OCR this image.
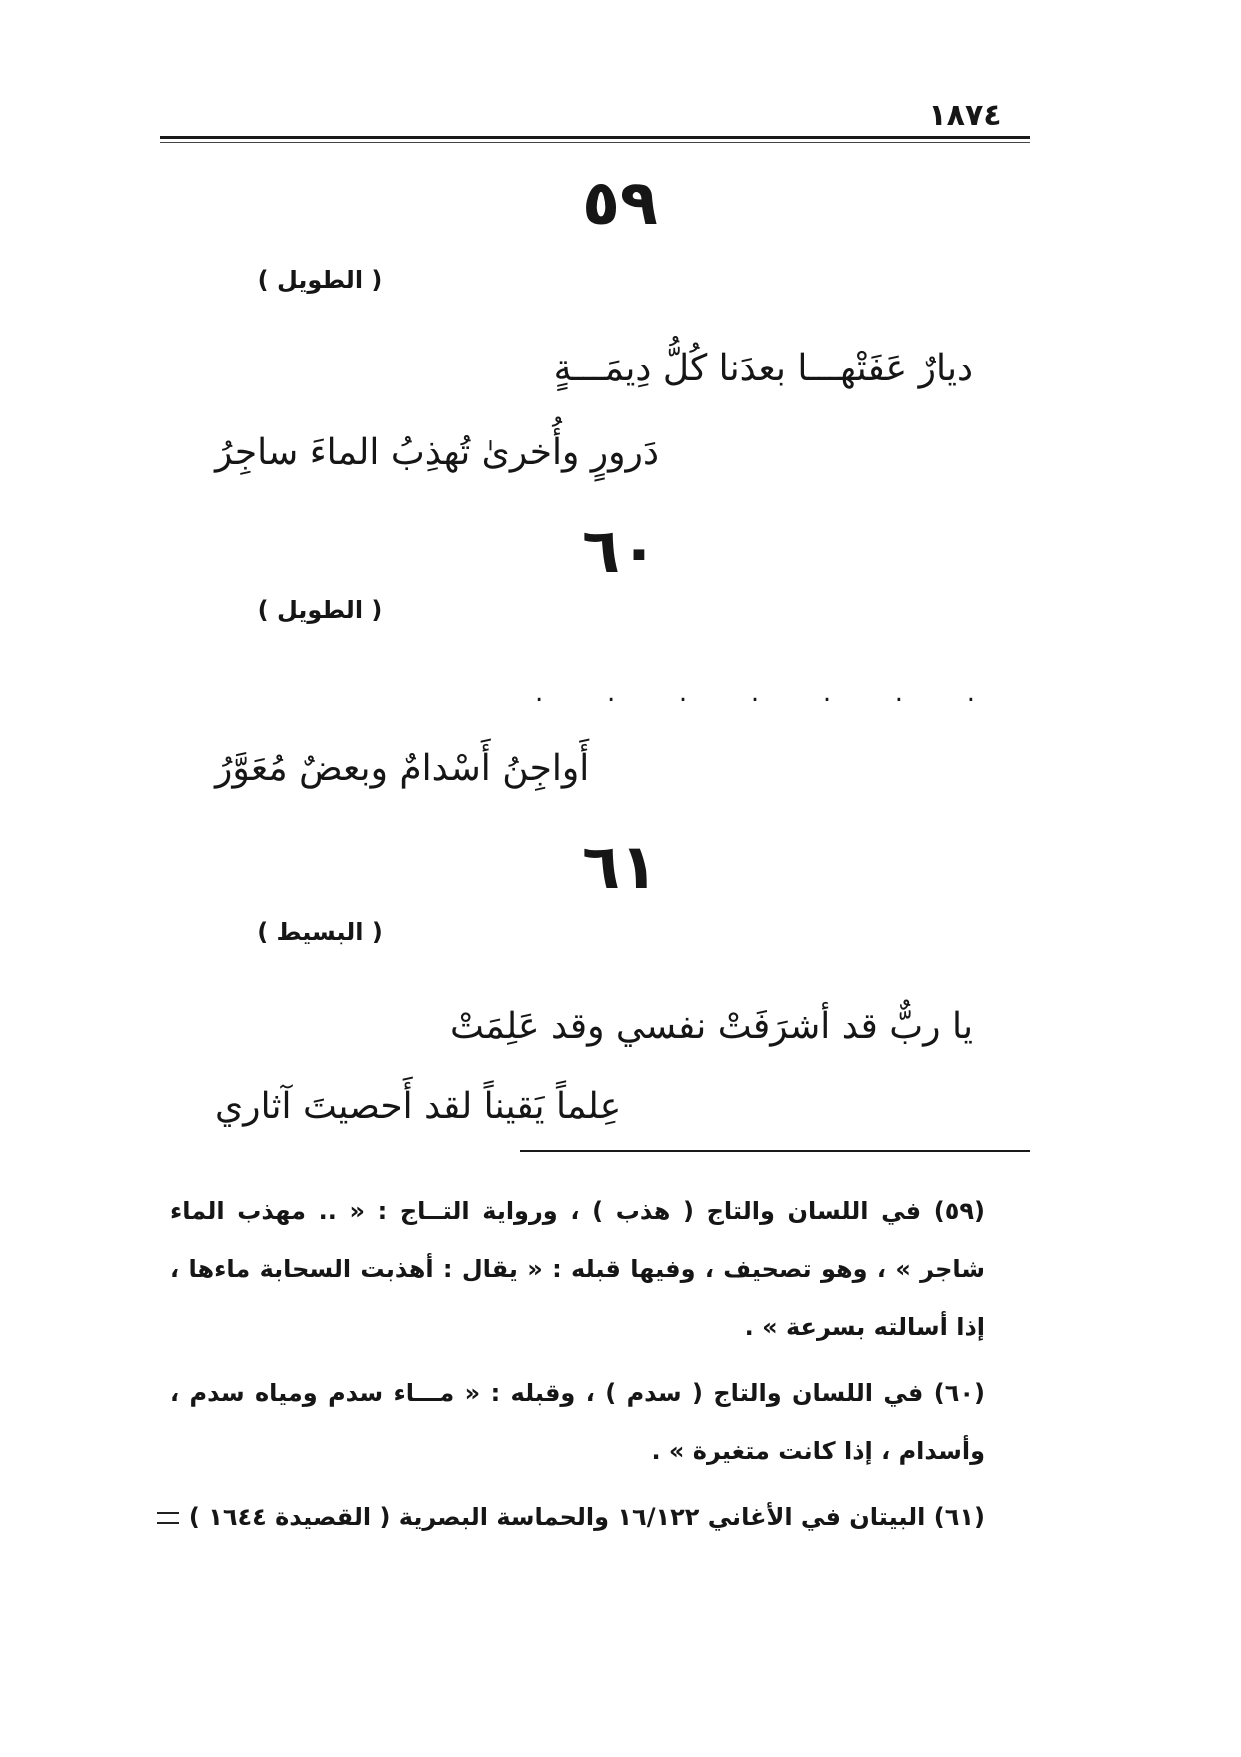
١٨٧٤
٥٩
( الطويل )
ديارٌ عَفَتْهـــا بعدَنا كُلُّ دِيمَـــةٍ
دَرورٍ وأُخرىٰ تُهذِبُ الماءَ ساجِرُ
٦٠
( الطويل )
. . . . . . .
أَواجِنُ أَسْدامٌ وبعضٌ مُعَوَّرُ
٦١
( البسيط )
يا ربٌّ قد أشرَفَتْ نفسي وقد عَلِمَتْ
عِلماً يَقيناً لقد أَحصيتَ آثاري

(٥٩) في اللسان والتاج ( هذب ) ، ورواية التــاج : « .. مهذب الماء شاجر » ، وهو تصحيف ، وفيها قبله : « يقال : أهذبت السحابة ماءها ، إذا أسالته بسرعة » .

(٦٠) في اللسان والتاج ( سدم ) ، وقبله : « مـــاء سدم ومياه سدم ، وأسدام ، إذا كانت متغيرة » .

(٦١) البيتان في الأغاني ١٦/١٢٢ والحماسة البصرية ( القصيدة ١٦٤٤ )
